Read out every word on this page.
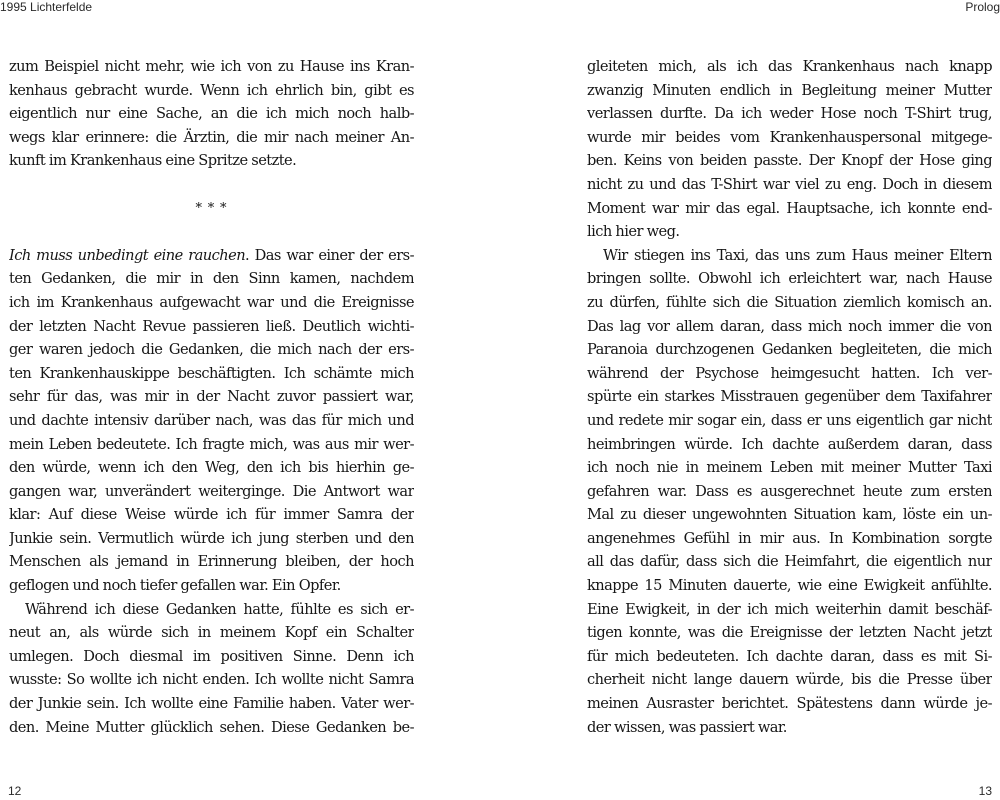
1995 Lichterfelde	Prolog
zum Beispiel nicht mehr, wie ich von zu Hause ins Kran-
kenhaus gebracht wurde. Wenn ich ehrlich bin, gibt es
eigentlich nur eine Sache, an die ich mich noch halb-
wegs klar erinnere: die Ärztin, die mir nach meiner An-
kunft im Krankenhaus eine Spritze setzte.
* * *
Ich muss unbedingt eine rauchen. Das war einer der ers-
ten Gedanken, die mir in den Sinn kamen, nachdem
ich im Krankenhaus aufgewacht war und die Ereignisse
der letzten Nacht Revue passieren ließ. Deutlich wichti-
ger waren jedoch die Gedanken, die mich nach der ers-
ten Krankenhauskippe beschäftigten. Ich schämte mich
sehr für das, was mir in der Nacht zuvor passiert war,
und dachte intensiv darüber nach, was das für mich und
mein Leben bedeutete. Ich fragte mich, was aus mir wer-
den würde, wenn ich den Weg, den ich bis hierhin ge-
gangen war, unverändert weiterginge. Die Antwort war
klar: Auf diese Weise würde ich für immer Samra der
Junkie sein. Vermutlich würde ich jung sterben und den
Menschen als jemand in Erinnerung bleiben, der hoch
geflogen und noch tiefer gefallen war. Ein Opfer.
Während ich diese Gedanken hatte, fühlte es sich er-
neut an, als würde sich in meinem Kopf ein Schalter
umlegen. Doch diesmal im positiven Sinne. Denn ich
wusste: So wollte ich nicht enden. Ich wollte nicht Samra
der Junkie sein. Ich wollte eine Familie haben. Vater wer-
den. Meine Mutter glücklich sehen. Diese Gedanken be-
gleiteten mich, als ich das Krankenhaus nach knapp
zwanzig Minuten endlich in Begleitung meiner Mutter
verlassen durfte. Da ich weder Hose noch T-Shirt trug,
wurde mir beides vom Krankenhauspersonal mitgege-
ben. Keins von beiden passte. Der Knopf der Hose ging
nicht zu und das T-Shirt war viel zu eng. Doch in diesem
Moment war mir das egal. Hauptsache, ich konnte end-
lich hier weg.
Wir stiegen ins Taxi, das uns zum Haus meiner Eltern
bringen sollte. Obwohl ich erleichtert war, nach Hause
zu dürfen, fühlte sich die Situation ziemlich komisch an.
Das lag vor allem daran, dass mich noch immer die von
Paranoia durchzogenen Gedanken begleiteten, die mich
während der Psychose heimgesucht hatten. Ich ver-
spürte ein starkes Misstrauen gegenüber dem Taxifahrer
und redete mir sogar ein, dass er uns eigentlich gar nicht
heimbringen würde. Ich dachte außerdem daran, dass
ich noch nie in meinem Leben mit meiner Mutter Taxi
gefahren war. Dass es ausgerechnet heute zum ersten
Mal zu dieser ungewohnten Situation kam, löste ein un-
angenehmes Gefühl in mir aus. In Kombination sorgte
all das dafür, dass sich die Heimfahrt, die eigentlich nur
knappe 15 Minuten dauerte, wie eine Ewigkeit anfühlte.
Eine Ewigkeit, in der ich mich weiterhin damit beschäf-
tigen konnte, was die Ereignisse der letzten Nacht jetzt
für mich bedeuteten. Ich dachte daran, dass es mit Si-
cherheit nicht lange dauern würde, bis die Presse über
meinen Ausraster berichtet. Spätestens dann würde je-
der wissen, was passiert war.
12	13
